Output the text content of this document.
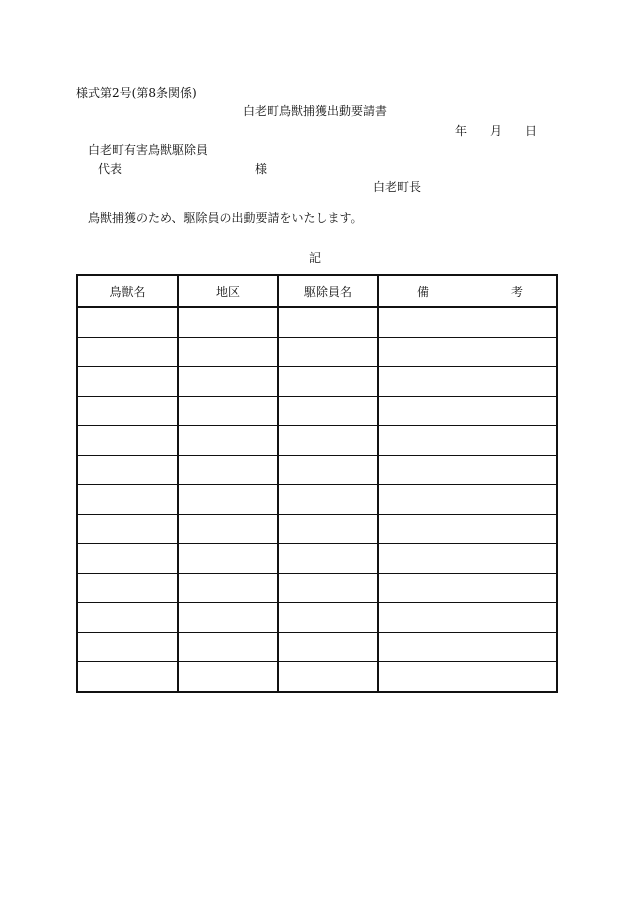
様式第2号(第8条関係)
白老町鳥獣捕獲出動要請書
年 月 日
白老町有害鳥獣駆除員
代表	様
白老町長
鳥獣捕獲のため、駆除員の出動要請をいたします。
記
鳥獣名	地区	駆除員名	備 考
